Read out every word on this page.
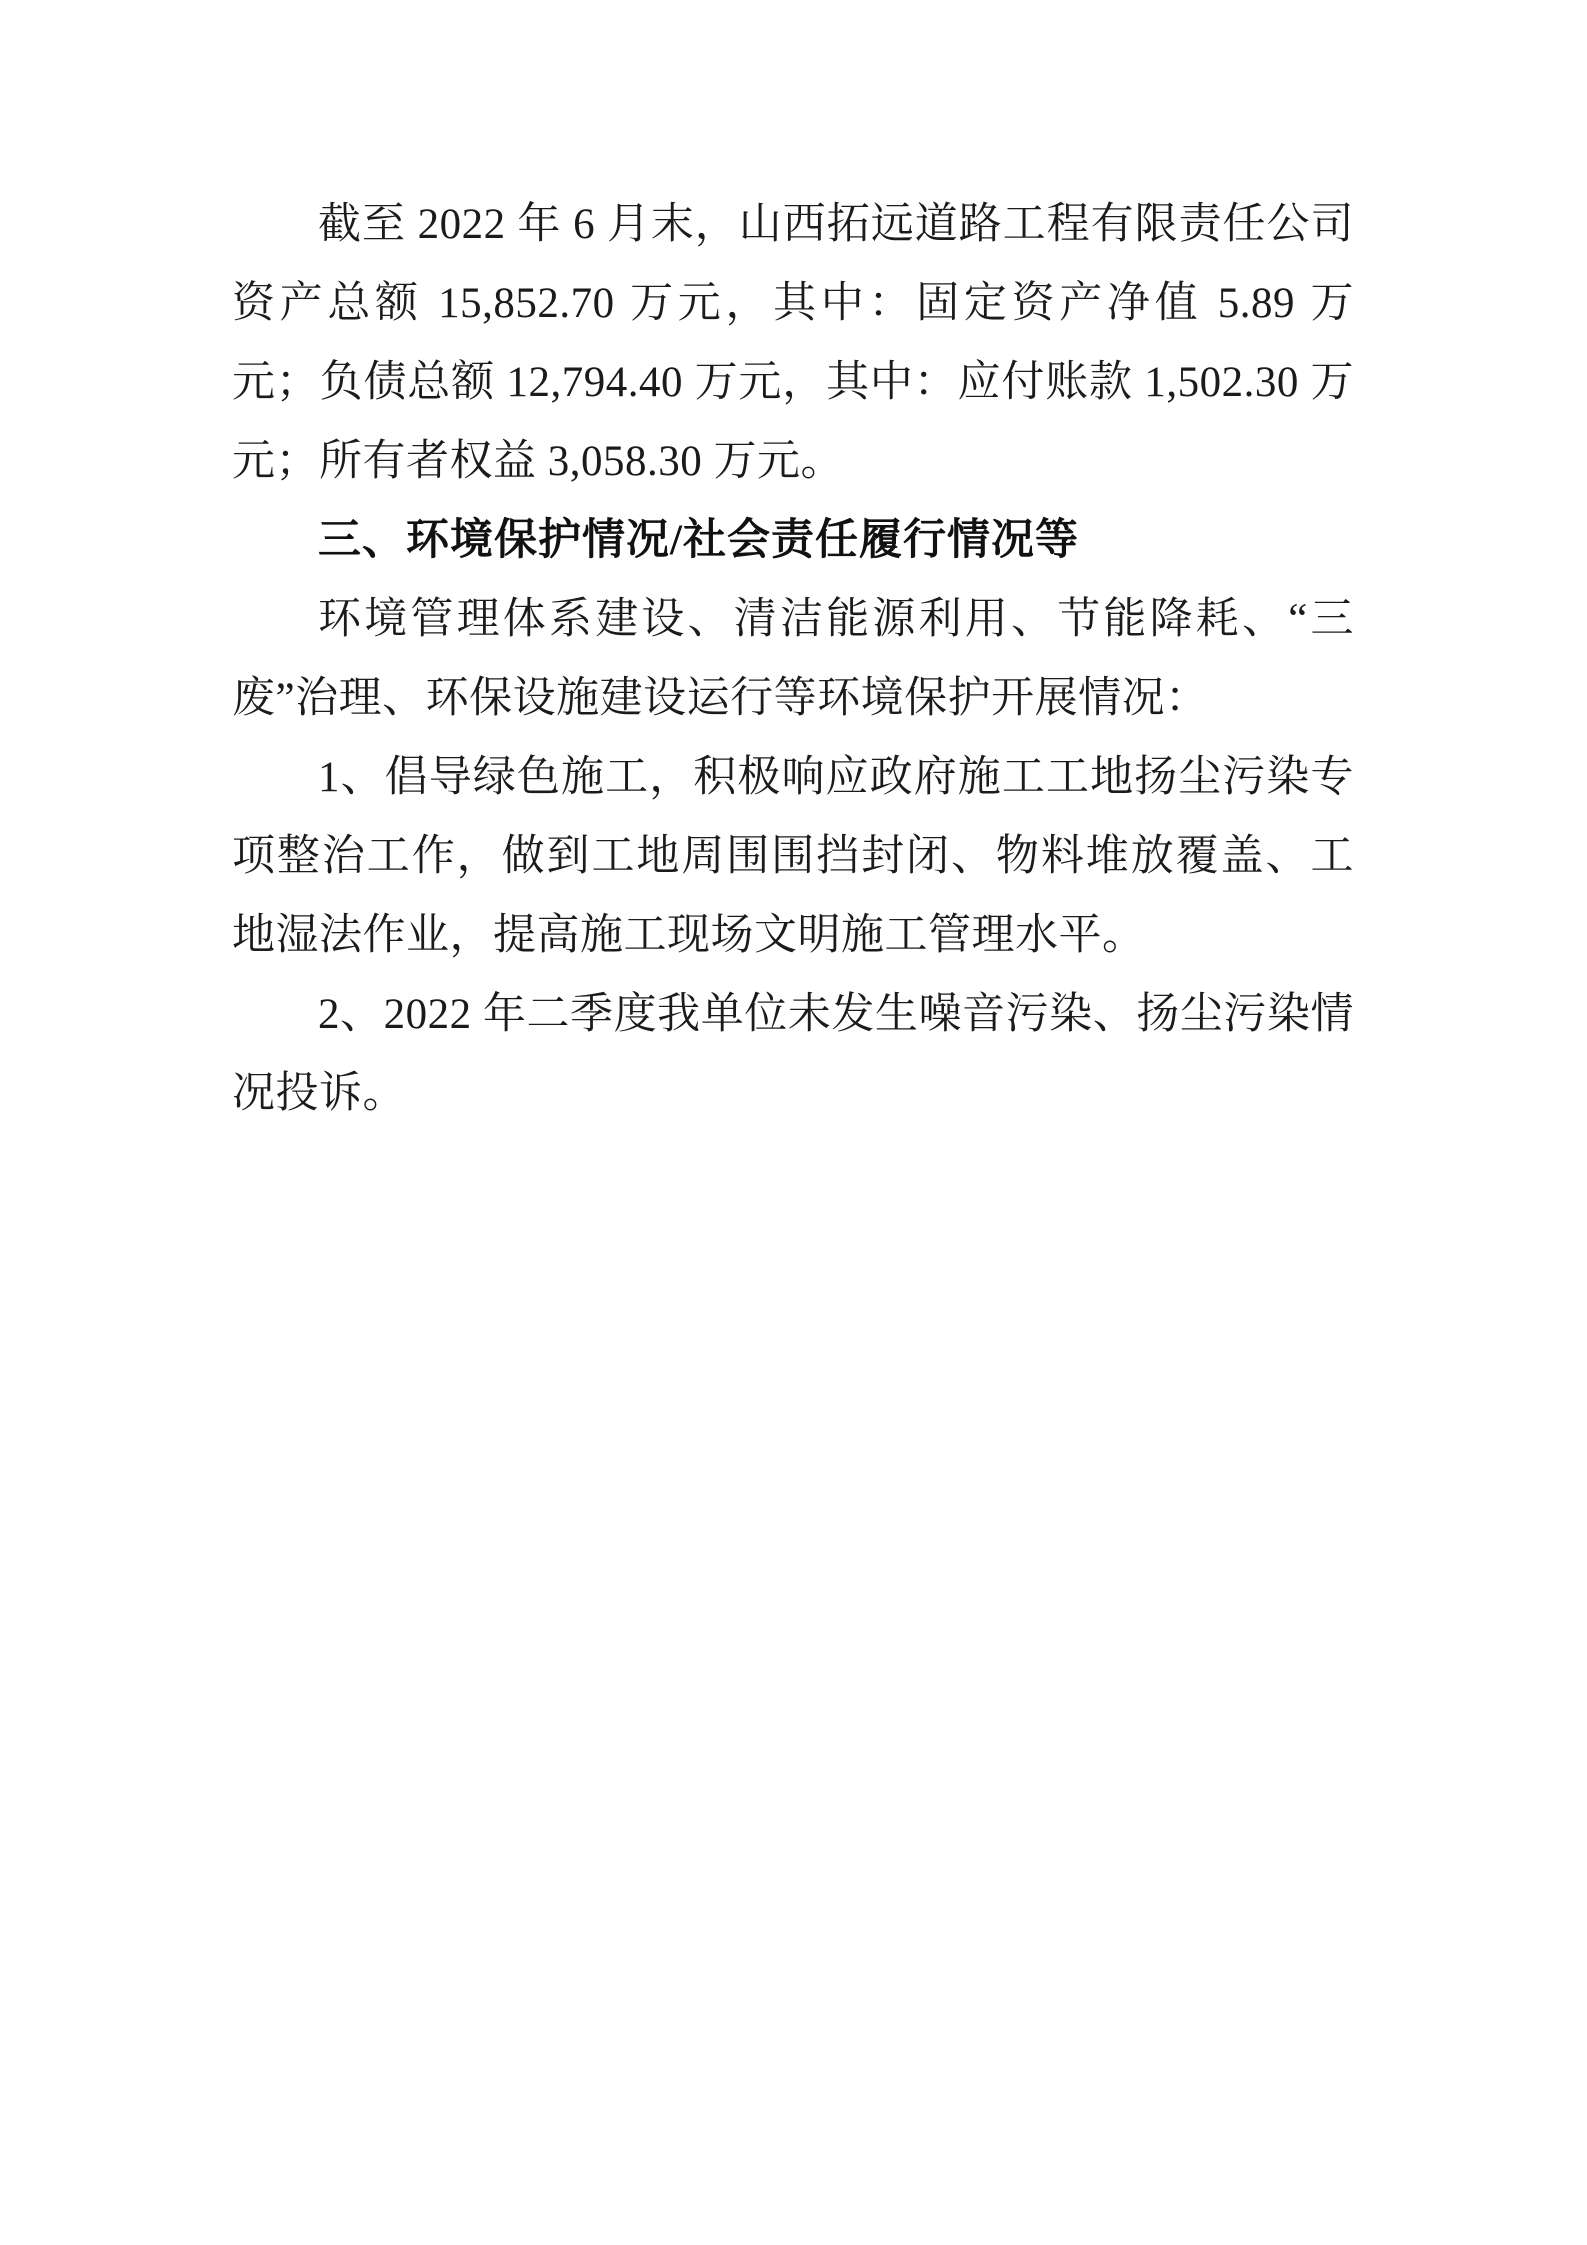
截至 2022 年 6 月末，山西拓远道路工程有限责任公司资产总额 15,852.70 万元，其中：固定资产净值 5.89 万元；负债总额 12,794.40 万元，其中：应付账款 1,502.30 万元；所有者权益 3,058.30 万元。

三、环境保护情况/社会责任履行情况等

环境管理体系建设、清洁能源利用、节能降耗、“三废”治理、环保设施建设运行等环境保护开展情况：

1、倡导绿色施工，积极响应政府施工工地扬尘污染专项整治工作，做到工地周围围挡封闭、物料堆放覆盖、工地湿法作业，提高施工现场文明施工管理水平。

2、2022 年二季度我单位未发生噪音污染、扬尘污染情况投诉。
